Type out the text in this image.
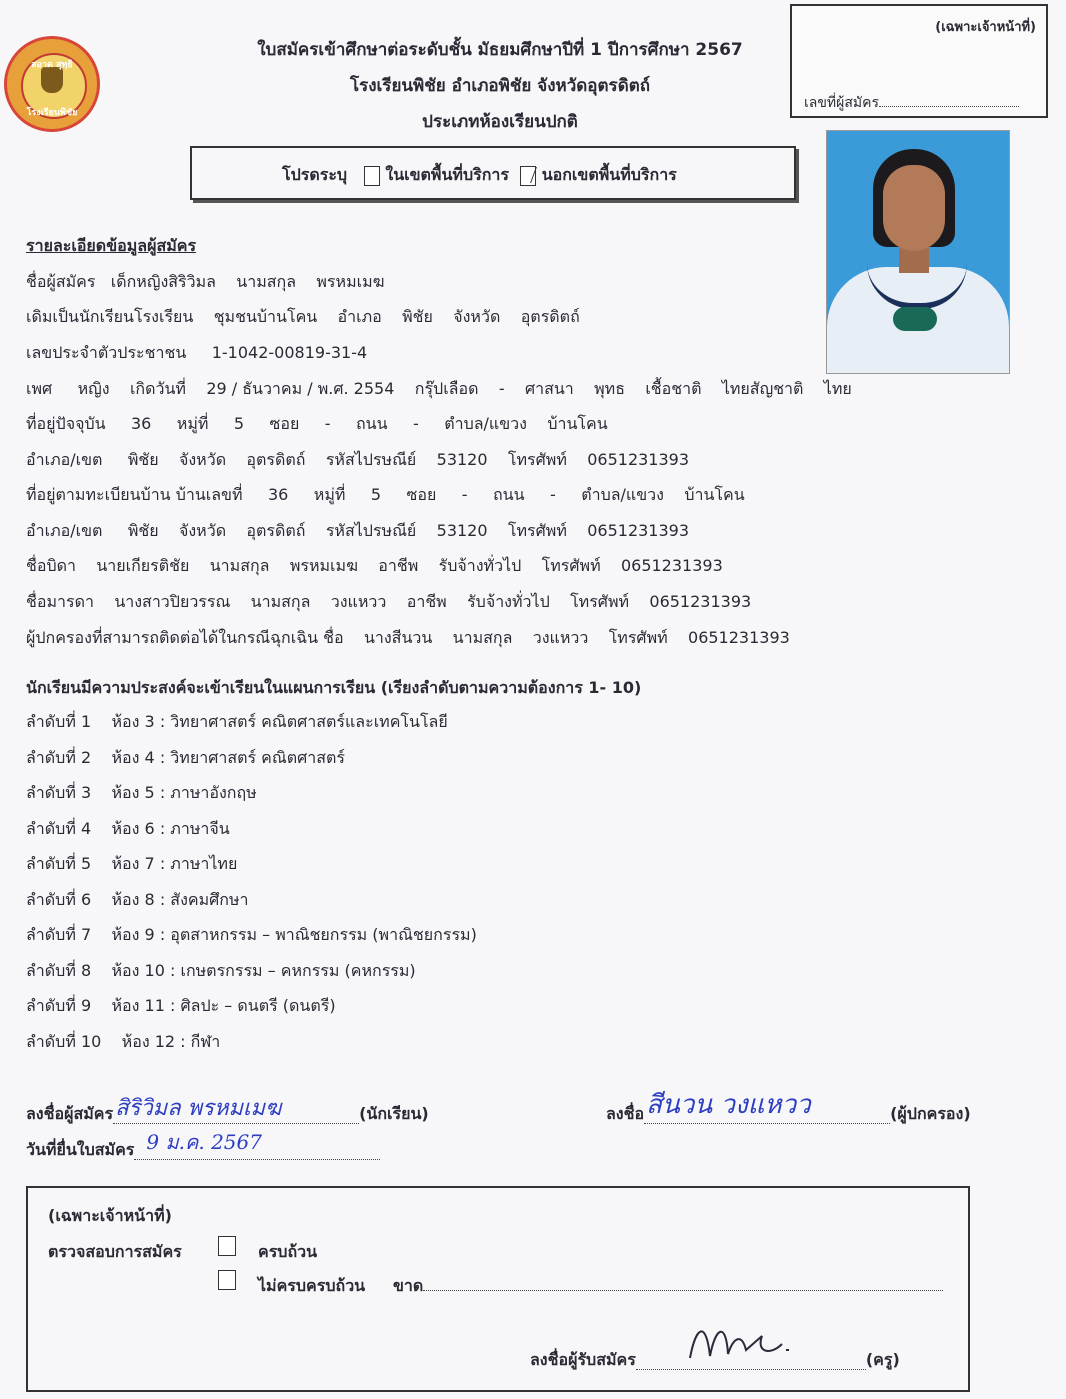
สอาด สุทฺธิ
โรงเรียนพิชัย
ใบสมัครเข้าศึกษาต่อระดับชั้น มัธยมศึกษาปีที่ 1 ปีการศึกษา 2567
โรงเรียนพิชัย อำเภอพิชัย จังหวัดอุตรดิตถ์
ประเภทห้องเรียนปกติ
(เฉพาะเจ้าหน้าที่)
เลขที่ผู้สมัคร
โปรดระบุ ในเขตพื้นที่บริการ นอกเขตพื้นที่บริการ
รายละเอียดข้อมูลผู้สมัคร
ชื่อผู้สมัคร เด็กหญิงสิริวิมล นามสกุล พรหมเมฆ
เดิมเป็นนักเรียนโรงเรียน ชุมชนบ้านโคน อำเภอ พิชัย จังหวัด อุตรดิตถ์
เลขประจำตัวประชาชน 1-1042-00819-31-4
เพศ หญิง เกิดวันที่ 29 / ธันวาคม / พ.ศ. 2554 กรุ๊ปเลือด - ศาสนา พุทธ เชื้อชาติ ไทยสัญชาติ ไทย
ที่อยู่ปัจจุบัน 36 หมู่ที่ 5 ซอย - ถนน - ตำบล/แขวง บ้านโคน
อำเภอ/เขต พิชัย จังหวัด อุตรดิตถ์ รหัสไปรษณีย์ 53120 โทรศัพท์ 0651231393
ที่อยู่ตามทะเบียนบ้าน บ้านเลขที่ 36 หมู่ที่ 5 ซอย - ถนน - ตำบล/แขวง บ้านโคน
อำเภอ/เขต พิชัย จังหวัด อุตรดิตถ์ รหัสไปรษณีย์ 53120 โทรศัพท์ 0651231393
ชื่อบิดา นายเกียรติชัย นามสกุล พรหมเมฆ อาชีพ รับจ้างทั่วไป โทรศัพท์ 0651231393
ชื่อมารดา นางสาวปิยวรรณ นามสกุล วงแหวว อาชีพ รับจ้างทั่วไป โทรศัพท์ 0651231393
ผู้ปกครองที่สามารถติดต่อได้ในกรณีฉุกเฉิน ชื่อ นางสีนวน นามสกุล วงแหวว โทรศัพท์ 0651231393
นักเรียนมีความประสงค์จะเข้าเรียนในแผนการเรียน (เรียงลำดับตามความต้องการ 1- 10)
ลำดับที่ 1 ห้อง 3 : วิทยาศาสตร์ คณิตศาสตร์และเทคโนโลยี
ลำดับที่ 2 ห้อง 4 : วิทยาศาสตร์ คณิตศาสตร์
ลำดับที่ 3 ห้อง 5 : ภาษาอังกฤษ
ลำดับที่ 4 ห้อง 6 : ภาษาจีน
ลำดับที่ 5 ห้อง 7 : ภาษาไทย
ลำดับที่ 6 ห้อง 8 : สังคมศึกษา
ลำดับที่ 7 ห้อง 9 : อุตสาหกรรม – พาณิชยกรรม (พาณิชยกรรม)
ลำดับที่ 8 ห้อง 10 : เกษตรกรรม – คหกรรม (คหกรรม)
ลำดับที่ 9 ห้อง 11 : ศิลปะ – ดนตรี (ดนตรี)
ลำดับที่ 10 ห้อง 12 : กีฬา
ลงชื่อผู้สมัคร สิริวิมล พรหมเมฆ	(นักเรียน)
วันที่ยื่นใบสมัคร 9 ม.ค. 2567

ลงชื่อ สีนวน วงแหวว	(ผู้ปกครอง)
(เฉพาะเจ้าหน้าที่)
ตรวจสอบการสมัคร	ครบถ้วน
ไม่ครบครบถ้วน ขาด
ลงชื่อผู้รับสมัคร	(ครู)
